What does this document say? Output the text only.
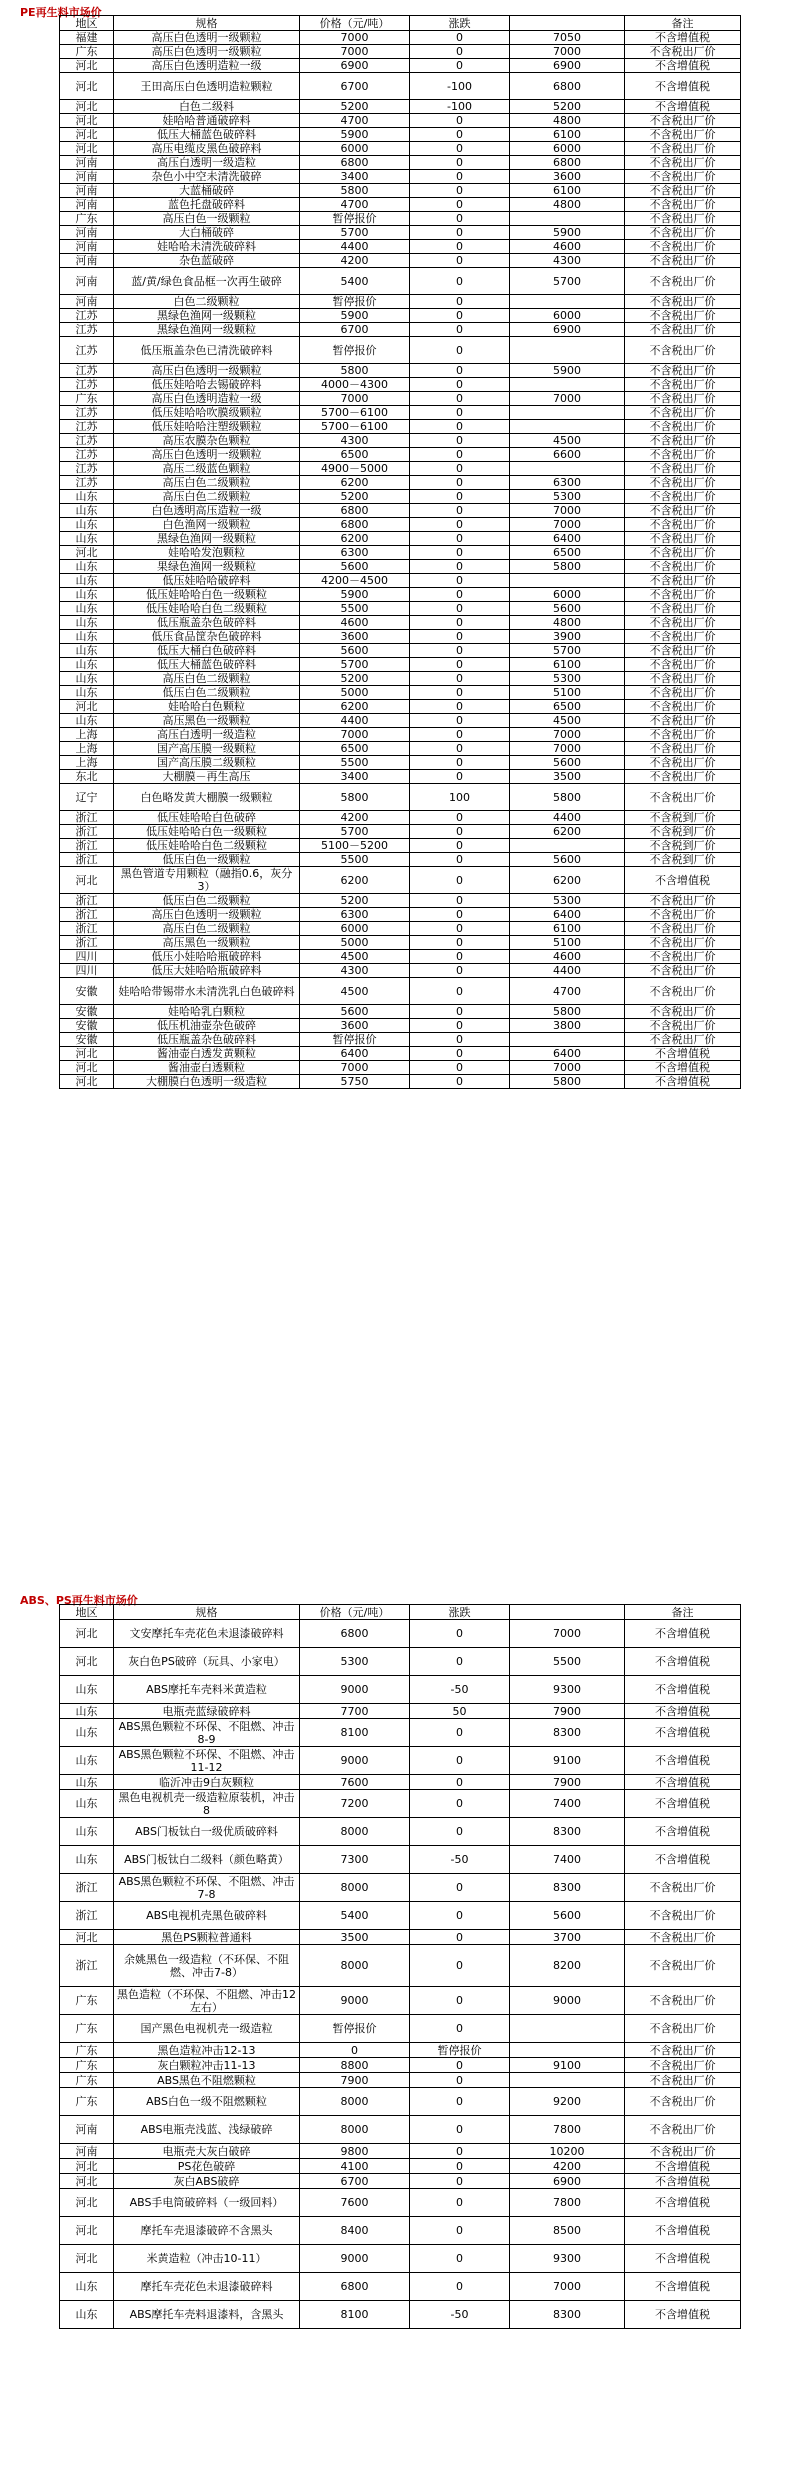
PE再生料市场价
地区	规格	价格（元/吨）	涨跌		备注
福建	高压白色透明一级颗粒	7000	0	7050	不含增值税
广东	高压白色透明一级颗粒	7000	0	7000	不含税出厂价
河北	高压白色透明造粒一级	6900	0	6900	不含增值税
河北	王田高压白色透明造粒颗粒	6700	-100	6800	不含增值税
河北	白色二级料	5200	-100	5200	不含增值税
河北	娃哈哈普通破碎料	4700	0	4800	不含税出厂价
河北	低压大桶蓝色破碎料	5900	0	6100	不含税出厂价
河北	高压电缆皮黑色破碎料	6000	0	6000	不含税出厂价
河南	高压白透明一级造粒	6800	0	6800	不含税出厂价
河南	杂色小中空未清洗破碎	3400	0	3600	不含税出厂价
河南	大蓝桶破碎	5800	0	6100	不含税出厂价
河南	蓝色托盘破碎料	4700	0	4800	不含税出厂价
广东	高压白色一级颗粒	暂停报价	0		不含税出厂价
河南	大白桶破碎	5700	0	5900	不含税出厂价
河南	娃哈哈未清洗破碎料	4400	0	4600	不含税出厂价
河南	杂色蓝破碎	4200	0	4300	不含税出厂价
河南	蓝/黄/绿色食品框一次再生破碎	5400	0	5700	不含税出厂价
河南	白色二级颗粒	暂停报价	0		不含税出厂价
江苏	黑绿色渔网一级颗粒	5900	0	6000	不含税出厂价
江苏	黑绿色渔网一级颗粒	6700	0	6900	不含税出厂价
江苏	低压瓶盖杂色已清洗破碎料	暂停报价	0		不含税出厂价
江苏	高压白色透明一级颗粒	5800	0	5900	不含税出厂价
江苏	低压娃哈哈去锡破碎料	4000－4300	0		不含税出厂价
广东	高压白色透明造粒一级	7000	0	7000	不含税出厂价
江苏	低压娃哈哈吹膜级颗粒	5700－6100	0		不含税出厂价
江苏	低压娃哈哈注塑级颗粒	5700－6100	0		不含税出厂价
江苏	高压农膜杂色颗粒	4300	0	4500	不含税出厂价
江苏	高压白色透明一级颗粒	6500	0	6600	不含税出厂价
江苏	高压二级蓝色颗粒	4900－5000	0		不含税出厂价
江苏	高压白色二级颗粒	6200	0	6300	不含税出厂价
山东	高压白色二级颗粒	5200	0	5300	不含税出厂价
山东	白色透明高压造粒一级	6800	0	7000	不含税出厂价
山东	白色渔网一级颗粒	6800	0	7000	不含税出厂价
山东	黑绿色渔网一级颗粒	6200	0	6400	不含税出厂价
河北	娃哈哈发泡颗粒	6300	0	6500	不含税出厂价
山东	果绿色渔网一级颗粒	5600	0	5800	不含税出厂价
山东	低压娃哈哈破碎料	4200－4500	0		不含税出厂价
山东	低压娃哈哈白色一级颗粒	5900	0	6000	不含税出厂价
山东	低压娃哈哈白色二级颗粒	5500	0	5600	不含税出厂价
山东	低压瓶盖杂色破碎料	4600	0	4800	不含税出厂价
山东	低压食品筐杂色破碎料	3600	0	3900	不含税出厂价
山东	低压大桶白色破碎料	5600	0	5700	不含税出厂价
山东	低压大桶蓝色破碎料	5700	0	6100	不含税出厂价
山东	高压白色二级颗粒	5200	0	5300	不含税出厂价
山东	低压白色二级颗粒	5000	0	5100	不含税出厂价
河北	娃哈哈白色颗粒	6200	0	6500	不含税出厂价
山东	高压黑色一级颗粒	4400	0	4500	不含税出厂价
上海	高压白透明一级造粒	7000	0	7000	不含税出厂价
上海	国产高压膜一级颗粒	6500	0	7000	不含税出厂价
上海	国产高压膜二级颗粒	5500	0	5600	不含税出厂价
东北	大棚膜－再生高压	3400	0	3500	不含税出厂价
辽宁	白色略发黄大棚膜一级颗粒	5800	100	5800	不含税出厂价
浙江	低压娃哈哈白色破碎	4200	0	4400	不含税到厂价
浙江	低压娃哈哈白色一级颗粒	5700	0	6200	不含税到厂价
浙江	低压娃哈哈白色二级颗粒	5100－5200	0		不含税到厂价
浙江	低压白色一级颗粒	5500	0	5600	不含税到厂价
河北	黑色管道专用颗粒（融指0.6，灰分3）	6200	0	6200	不含增值税
浙江	低压白色二级颗粒	5200	0	5300	不含税出厂价
浙江	高压白色透明一级颗粒	6300	0	6400	不含税出厂价
浙江	高压白色二级颗粒	6000	0	6100	不含税出厂价
浙江	高压黑色一级颗粒	5000	0	5100	不含税出厂价
四川	低压小娃哈哈瓶破碎料	4500	0	4600	不含税出厂价
四川	低压大娃哈哈瓶破碎料	4300	0	4400	不含税出厂价
安徽	娃哈哈带锡帯水未清洗乳白色破碎料	4500	0	4700	不含税出厂价
安徽	娃哈哈乳白颗粒	5600	0	5800	不含税出厂价
安徽	低压机油壶杂色破碎	3600	0	3800	不含税出厂价
安徽	低压瓶盖杂色破碎料	暂停报价	0		不含税出厂价
河北	酱油壶白透发黄颗粒	6400	0	6400	不含增值税
河北	酱油壶白透颗粒	7000	0	7000	不含增值税
河北	大棚膜白色透明一级造粒	5750	0	5800	不含增值税
ABS、PS再生料市场价
地区	规格	价格（元/吨）	涨跌		备注
河北	文安摩托车壳花色未退漆破碎料	6800	0	7000	不含增值税
河北	灰白色PS破碎（玩具、小家电）	5300	0	5500	不含增值税
山东	ABS摩托车壳料米黄造粒	9000	-50	9300	不含增值税
山东	电瓶壳蓝绿破碎料	7700	50	7900	不含增值税
山东	ABS黑色颗粒不环保、不阻燃、冲击8-9	8100	0	8300	不含增值税
山东	ABS黑色颗粒不环保、不阻燃、冲击11-12	9000	0	9100	不含增值税
山东	临沂冲击9白灰颗粒	7600	0	7900	不含增值税
山东	黑色电视机壳一级造粒原装机，冲击8	7200	0	7400	不含增值税
山东	ABS门板钛白一级优质破碎料	8000	0	8300	不含增值税
山东	ABS门板钛白二级料（颜色略黄）	7300	-50	7400	不含增值税
浙江	ABS黑色颗粒不环保、不阻燃、冲击7-8	8000	0	8300	不含税出厂价
浙江	ABS电视机壳黑色破碎料	5400	0	5600	不含税出厂价
河北	黑色PS颗粒普通料	3500	0	3700	不含税出厂价
浙江	余姚黑色一级造粒（不环保、不阻燃、冲击7-8）	8000	0	8200	不含税出厂价
广东	黑色造粒（不环保、不阻燃、冲击12左右）	9000	0	9000	不含税出厂价
广东	国产黑色电视机壳一级造粒	暂停报价	0		不含税出厂价
广东	黑色造粒冲击12-13	0	暂停报价		不含税出厂价
广东	灰白颗粒冲击11-13	8800	0	9100	不含税出厂价
广东	ABS黑色不阻燃颗粒	7900	0		不含税出厂价
广东	ABS白色一级不阻燃颗粒	8000	0	9200	不含税出厂价
河南	ABS电瓶壳浅蓝、浅绿破碎	8000	0	7800	不含税出厂价
河南	电瓶壳大灰白破碎	9800	0	10200	不含税出厂价
河北	PS花色破碎	4100	0	4200	不含增值税
河北	灰白ABS破碎	6700	0	6900	不含增值税
河北	ABS手电筒破碎料（一级回料）	7600	0	7800	不含增值税
河北	摩托车壳退漆破碎不含黑头	8400	0	8500	不含增值税
河北	米黄造粒（冲击10-11）	9000	0	9300	不含增值税
山东	摩托车壳花色未退漆破碎料	6800	0	7000	不含增值税
山东	ABS摩托车壳料退漆料，含黑头	8100	-50	8300	不含增值税
